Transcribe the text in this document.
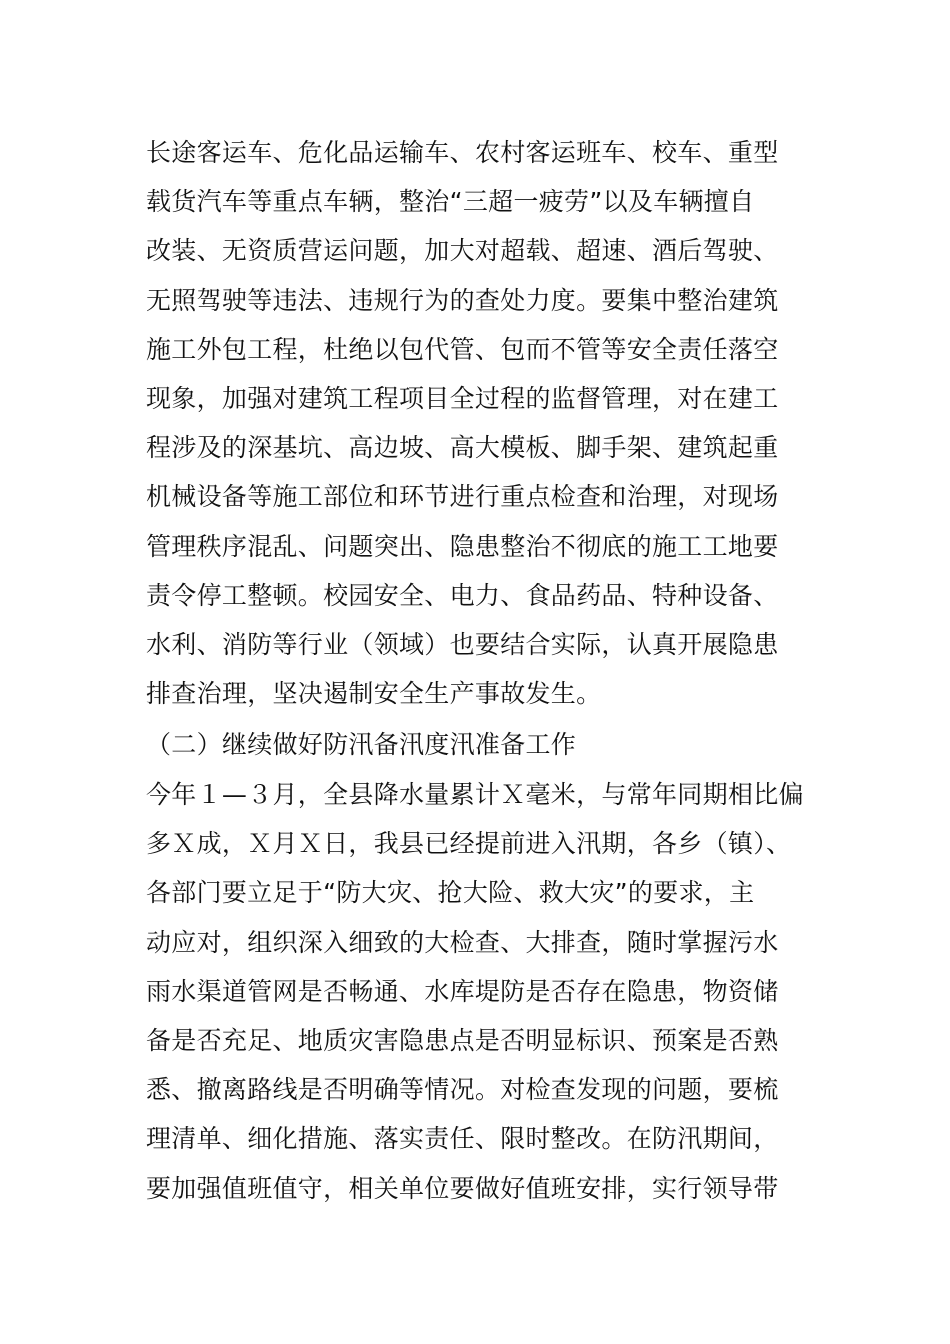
长途客运车、危化品运输车、农村客运班车、校车、重型
载货汽车等重点车辆，整治“三超一疲劳”以及车辆擅自
改装、无资质营运问题，加大对超载、超速、酒后驾驶、
无照驾驶等违法、违规行为的查处力度。要集中整治建筑
施工外包工程，杜绝以包代管、包而不管等安全责任落空
现象，加强对建筑工程项目全过程的监督管理，对在建工
程涉及的深基坑、高边坡、高大模板、脚手架、建筑起重
机械设备等施工部位和环节进行重点检查和治理，对现场
管理秩序混乱、问题突出、隐患整治不彻底的施工工地要
责令停工整顿。校园安全、电力、食品药品、特种设备、
水利、消防等行业（领域）也要结合实际，认真开展隐患
排查治理，坚决遏制安全生产事故发生。
（二）继续做好防汛备汛度汛准备工作
今年１—３月，全县降水量累计Ｘ毫米，与常年同期相比偏
多Ｘ成，Ｘ月Ｘ日，我县已经提前进入汛期，各乡（镇）、
各部门要立足于“防大灾、抢大险、救大灾”的要求，主
动应对，组织深入细致的大检查、大排查，随时掌握污水
雨水渠道管网是否畅通、水库堤防是否存在隐患，物资储
备是否充足、地质灾害隐患点是否明显标识、预案是否熟
悉、撤离路线是否明确等情况。对检查发现的问题，要梳
理清单、细化措施、落实责任、限时整改。在防汛期间，
要加强值班值守，相关单位要做好值班安排，实行领导带
